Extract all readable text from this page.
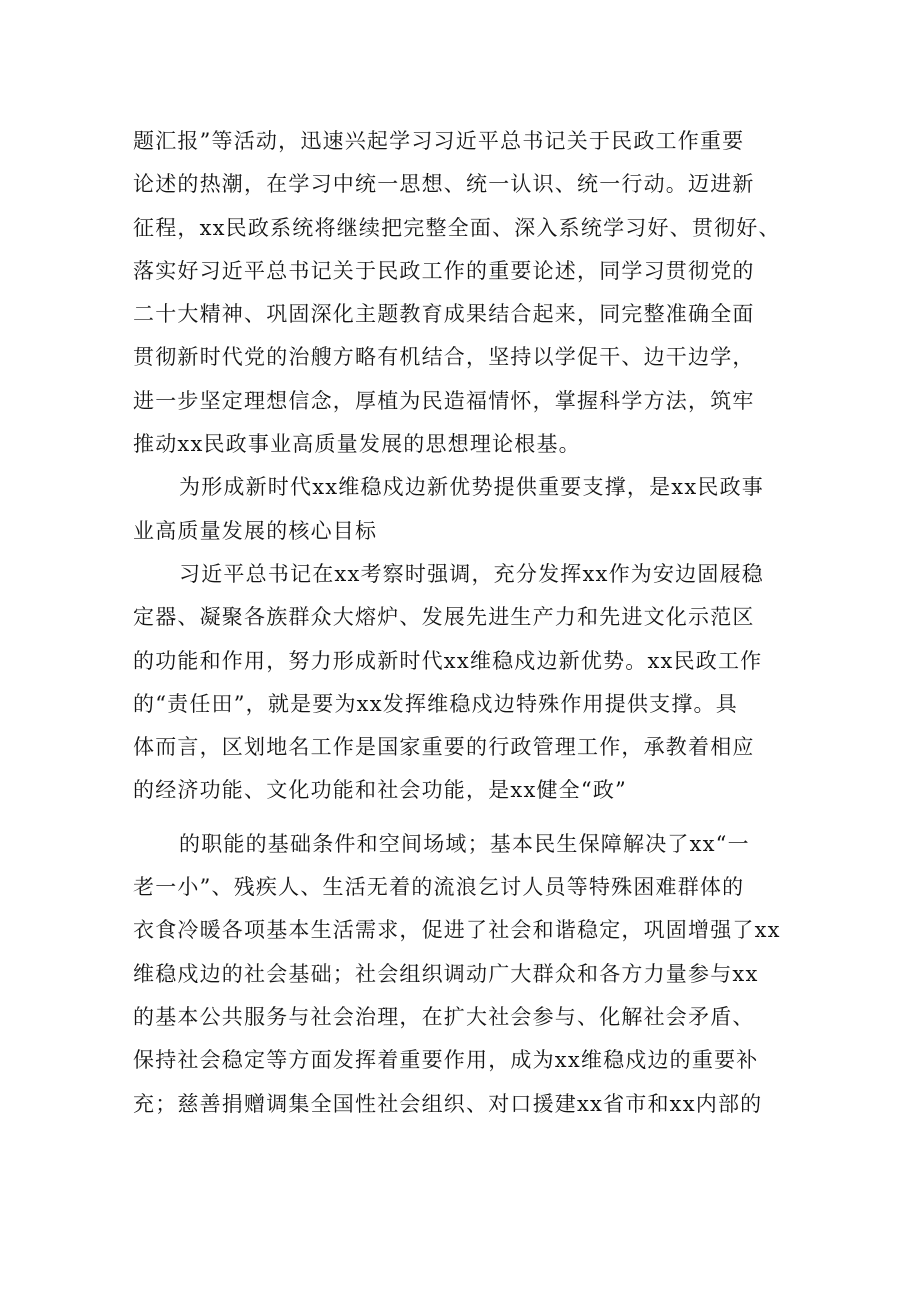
题汇报”等活动，迅速兴起学习习近平总书记关于民政工作重要
论述的热潮，在学习中统一思想、统一认识、统一行动。迈进新
征程，xx民政系统将继续把完整全面、深入系统学习好、贯彻好、
落实好习近平总书记关于民政工作的重要论述，同学习贯彻党的
二十大精神、巩固深化主题教育成果结合起来，同完整准确全面
贯彻新时代党的治艘方略有机结合，坚持以学促干、边干边学，
进一步坚定理想信念，厚植为民造福情怀，掌握科学方法，筑牢
推动xx民政事业高质量发展的思想理论根基。
为形成新时代xx维稳戍边新优势提供重要支撑，是xx民政事
业高质量发展的核心目标
习近平总书记在xx考察时强调，充分发挥xx作为安边固屐稳
定器、凝聚各族群众大熔炉、发展先进生产力和先进文化示范区
的功能和作用，努力形成新时代xx维稳戍边新优势。xx民政工作
的“责任田”，就是要为xx发挥维稳戍边特殊作用提供支撑。具
体而言，区划地名工作是国家重要的行政管理工作，承教着相应
的经济功能、文化功能和社会功能，是xx健全“政”
的职能的基础条件和空间场域；基本民生保障解决了xx“一
老一小”、残疾人、生活无着的流浪乞讨人员等特殊困难群体的
衣食冷暖各项基本生活需求，促进了社会和谐稳定，巩固增强了xx
维稳戍边的社会基础；社会组织调动广大群众和各方力量参与xx
的基本公共服务与社会治理，在扩大社会参与、化解社会矛盾、
保持社会稳定等方面发挥着重要作用，成为xx维稳戍边的重要补
充；慈善捐赠调集全国性社会组织、对口援建xx省市和xx内部的
